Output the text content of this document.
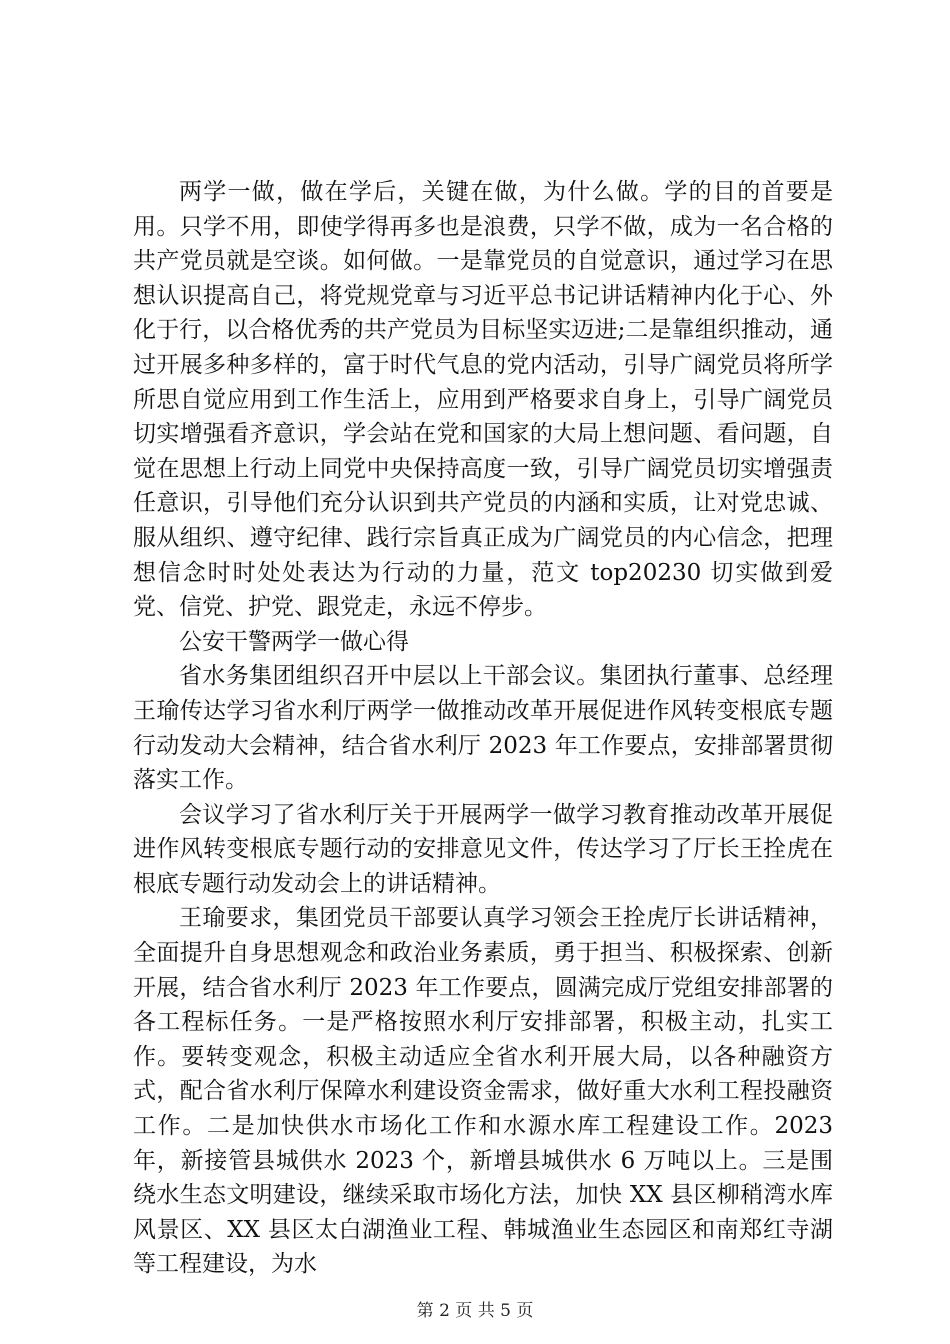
两学一做，做在学后，关键在做，为什么做。学的目的首要是用。只学不用，即使学得再多也是浪费，只学不做，成为一名合格的共产党员就是空谈。如何做。一是靠党员的自觉意识，通过学习在思想认识提高自己，将党规党章与习近平总书记讲话精神内化于心、外化于行，以合格优秀的共产党员为目标坚实迈进;二是靠组织推动，通过开展多种多样的，富于时代气息的党内活动，引导广阔党员将所学所思自觉应用到工作生活上，应用到严格要求自身上，引导广阔党员切实增强看齐意识，学会站在党和国家的大局上想问题、看问题，自觉在思想上行动上同党中央保持高度一致，引导广阔党员切实增强责任意识，引导他们充分认识到共产党员的内涵和实质，让对党忠诚、服从组织、遵守纪律、践行宗旨真正成为广阔党员的内心信念，把理想信念时时处处表达为行动的力量，范文 top20230 切实做到爱党、信党、护党、跟党走，永远不停步。

公安干警两学一做心得

省水务集团组织召开中层以上干部会议。集团执行董事、总经理王瑜传达学习省水利厅两学一做推动改革开展促进作风转变根底专题行动发动大会精神，结合省水利厅 2023 年工作要点，安排部署贯彻落实工作。

会议学习了省水利厅关于开展两学一做学习教育推动改革开展促进作风转变根底专题行动的安排意见文件，传达学习了厅长王拴虎在根底专题行动发动会上的讲话精神。

王瑜要求，集团党员干部要认真学习领会王拴虎厅长讲话精神，全面提升自身思想观念和政治业务素质，勇于担当、积极探索、创新开展，结合省水利厅 2023 年工作要点，圆满完成厅党组安排部署的各工程标任务。一是严格按照水利厅安排部署，积极主动，扎实工作。要转变观念，积极主动适应全省水利开展大局，以各种融资方式，配合省水利厅保障水利建设资金需求，做好重大水利工程投融资工作。二是加快供水市场化工作和水源水库工程建设工作。2023 年，新接管县城供水 2023 个，新增县城供水 6 万吨以上。三是围绕水生态文明建设，继续采取市场化方法，加快 XX 县区柳稍湾水库风景区、XX 县区太白湖渔业工程、韩城渔业生态园区和南郑红寺湖等工程建设，为水

第 2 页 共 5 页
